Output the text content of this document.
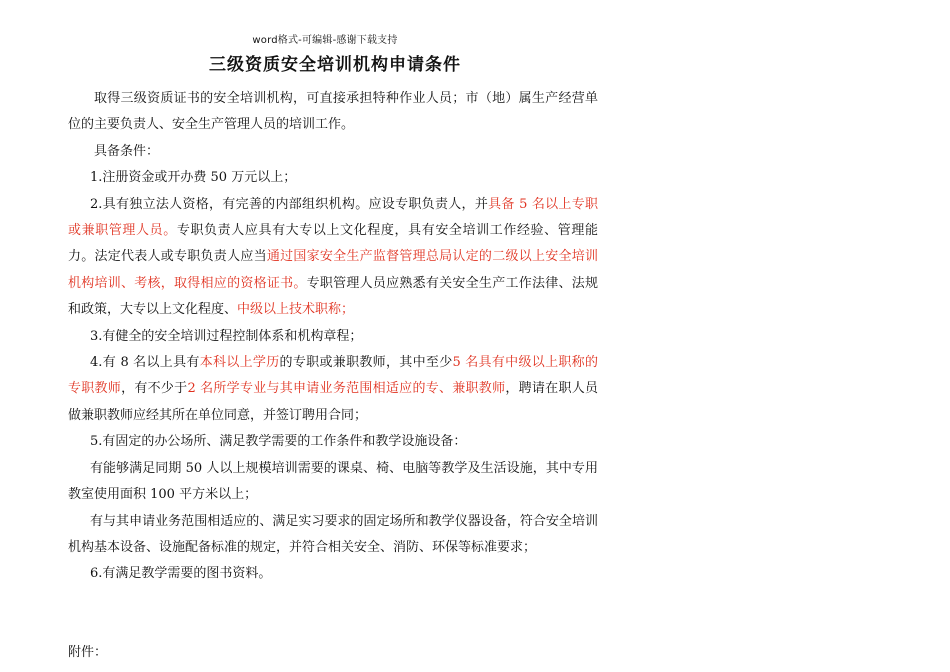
word格式-可编辑-感谢下载支持
三级资质安全培训机构申请条件

取得三级资质证书的安全培训机构，可直接承担特种作业人员；市（地）属生产经营单位的主要负责人、安全生产管理人员的培训工作。

具备条件：

1.注册资金或开办费 50 万元以上；

2.具有独立法人资格，有完善的内部组织机构。应设专职负责人，并具备 5 名以上专职或兼职管理人员。专职负责人应具有大专以上文化程度，具有安全培训工作经验、管理能力。法定代表人或专职负责人应当通过国家安全生产监督管理总局认定的二级以上安全培训机构培训、考核，取得相应的资格证书。专职管理人员应熟悉有关安全生产工作法律、法规和政策，大专以上文化程度、中级以上技术职称；

3.有健全的安全培训过程控制体系和机构章程；

4.有 8 名以上具有本科以上学历的专职或兼职教师，其中至少5 名具有中级以上职称的专职教师，有不少于2 名所学专业与其申请业务范围相适应的专、兼职教师，聘请在职人员做兼职教师应经其所在单位同意，并签订聘用合同；

5.有固定的办公场所、满足教学需要的工作条件和教学设施设备：

有能够满足同期 50 人以上规模培训需要的课桌、椅、电脑等教学及生活设施，其中专用教室使用面积 100 平方米以上；

有与其申请业务范围相适应的、满足实习要求的固定场所和教学仪器设备，符合安全培训机构基本设备、设施配备标准的规定，并符合相关安全、消防、环保等标准要求；

6.有满足教学需要的图书资料。

附件：
